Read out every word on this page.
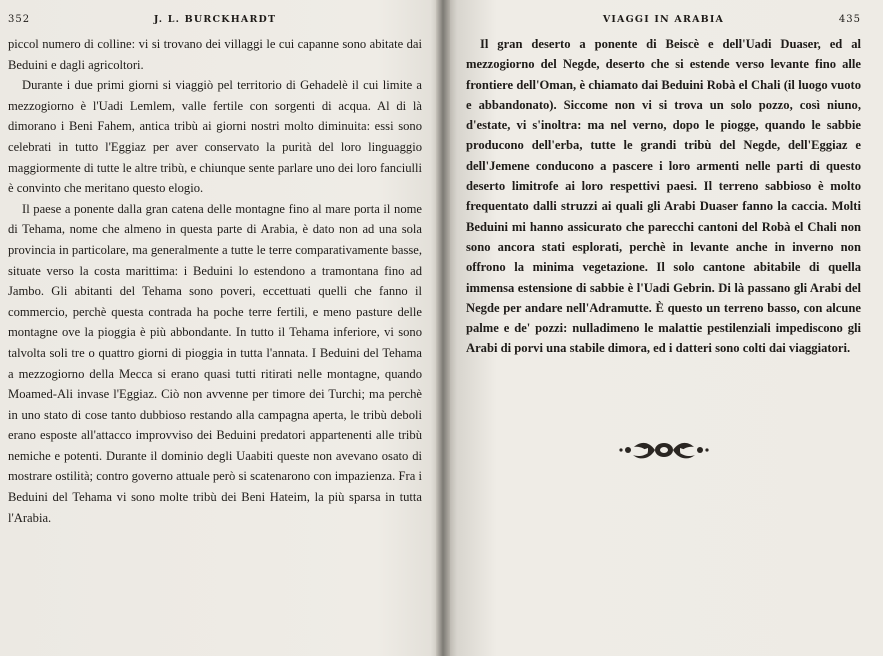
352	J. L. BURCKHARDT

piccol numero di colline: vi si trovano dei villaggi le cui capanne sono abitate dai Beduini e dagli agricoltori.

Durante i due primi giorni si viaggiò pel territorio di Gehadelè il cui limite a mezzogiorno è l'Uadi Lemlem, valle fertile con sorgenti di acqua. Al di là dimorano i Beni Fahem, antica tribù ai giorni nostri molto diminuita: essi sono celebrati in tutto l'Eggiaz per aver conservato la purità del loro linguaggio maggiormente di tutte le altre tribù, e chiunque sente parlare uno dei loro fanciulli è convinto che meritano questo elogio.

Il paese a ponente dalla gran catena delle montagne fino al mare porta il nome di Tehama, nome che almeno in questa parte di Arabia, è dato non ad una sola provincia in particolare, ma generalmente a tutte le terre comparativamente basse, situate verso la costa marittima: i Beduini lo estendono a tramontana fino ad Jambo. Gli abitanti del Tehama sono poveri, eccettuati quelli che fanno il commercio, perchè questa contrada ha poche terre fertili, e meno pasture delle montagne ove la pioggia è più abbondante. In tutto il Tehama inferiore, vi sono talvolta soli tre o quattro giorni di pioggia in tutta l'annata. I Beduini del Tehama a mezzogiorno della Mecca si erano quasi tutti ritirati nelle montagne, quando Moamed-Ali invase l'Eggiaz. Ciò non avvenne per timore dei Turchi; ma perchè in uno stato di cose tanto dubbioso restando alla campagna aperta, le tribù deboli erano esposte all'attacco improvviso dei Beduini predatori appartenenti alle tribù nemiche e potenti. Durante il dominio degli Uaabiti queste non avevano osato di mostrare ostilità; contro governo attuale però si scatenarono con impazienza. Fra i Beduini del Tehama vi sono molte tribù dei Beni Hateim, la più sparsa in tutta l'Arabia.

VIAGGI IN ARABIA	435

Il gran deserto a ponente di Beiscè e dell'Uadi Duaser, ed al mezzogiorno del Negde, deserto che si estende verso levante fino alle frontiere dell'Oman, è chiamato dai Beduini Robà el Chali (il luogo vuoto e abbandonato). Siccome non vi si trova un solo pozzo, così niuno, d'estate, vi s'inoltra: ma nel verno, dopo le piogge, quando le sabbie producono dell'erba, tutte le grandi tribù del Negde, dell'Eggiaz e dell'Jemene conducono a pascere i loro armenti nelle parti di questo deserto limitrofe ai loro respettivi paesi. Il terreno sabbioso è molto frequentato dalli struzzi ai quali gli Arabi Duaser fanno la caccia. Molti Beduini mi hanno assicurato che parecchi cantoni del Robà el Chali non sono ancora stati esplorati, perchè in levante anche in inverno non offrono la minima vegetazione. Il solo cantone abitabile di quella immensa estensione di sabbie è l'Uadi Gebrin. Di là passano gli Arabi del Negde per andare nell'Adramutte. È questo un terreno basso, con alcune palme e de' pozzi: nulladimeno le malattie pestilenziali impediscono gli Arabi di porvi una stabile dimora, ed i datteri sono colti dai viaggiatori.
